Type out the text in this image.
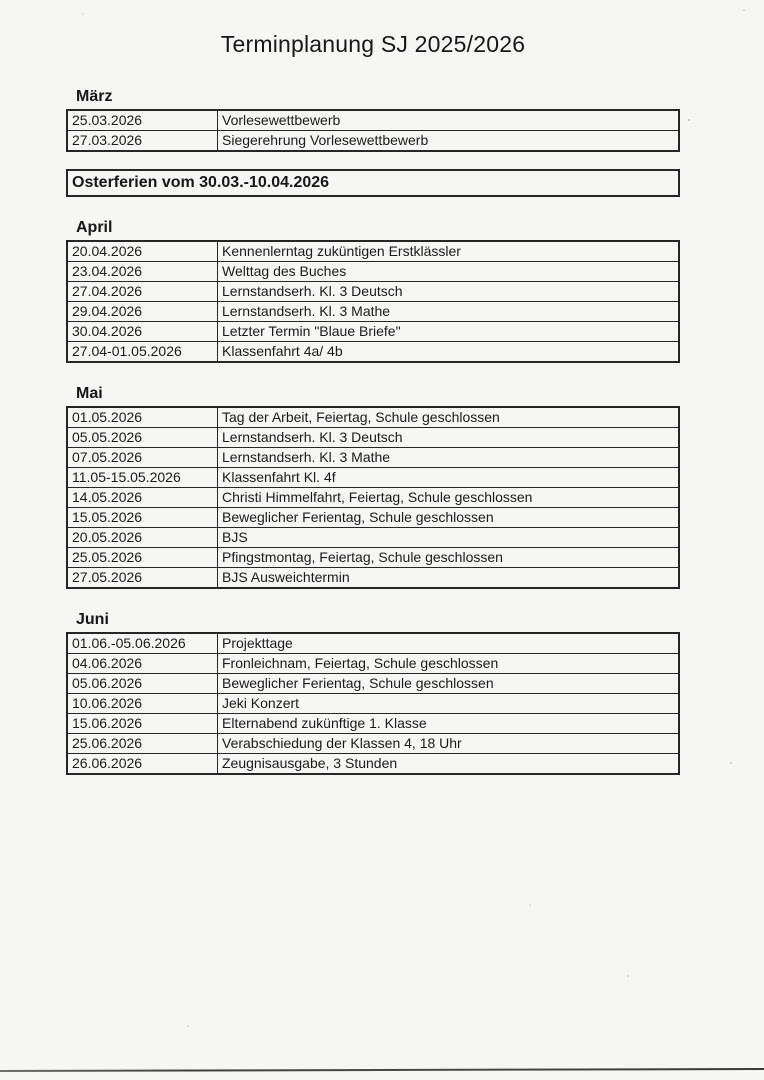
Terminplanung SJ 2025/2026
März
25.03.2026	Vorlesewettbewerb
27.03.2026	Siegerehrung Vorlesewettbewerb
Osterferien vom 30.03.-10.04.2026
April
20.04.2026	Kennenlerntag zuküntigen Erstklässler
23.04.2026	Welttag des Buches
27.04.2026	Lernstandserh. Kl. 3 Deutsch
29.04.2026	Lernstandserh. Kl. 3 Mathe
30.04.2026	Letzter Termin "Blaue Briefe"
27.04-01.05.2026	Klassenfahrt 4a/ 4b
Mai
01.05.2026	Tag der Arbeit, Feiertag, Schule geschlossen
05.05.2026	Lernstandserh. Kl. 3 Deutsch
07.05.2026	Lernstandserh. Kl. 3 Mathe
11.05-15.05.2026	Klassenfahrt Kl. 4f
14.05.2026	Christi Himmelfahrt, Feiertag, Schule geschlossen
15.05.2026	Beweglicher Ferientag, Schule geschlossen
20.05.2026	BJS
25.05.2026	Pfingstmontag, Feiertag, Schule geschlossen
27.05.2026	BJS Ausweichtermin
Juni
01.06.-05.06.2026	Projekttage
04.06.2026	Fronleichnam, Feiertag, Schule geschlossen
05.06.2026	Beweglicher Ferientag, Schule geschlossen
10.06.2026	Jeki Konzert
15.06.2026	Elternabend zukünftige 1. Klasse
25.06.2026	Verabschiedung der Klassen 4, 18 Uhr
26.06.2026	Zeugnisausgabe, 3 Stunden
